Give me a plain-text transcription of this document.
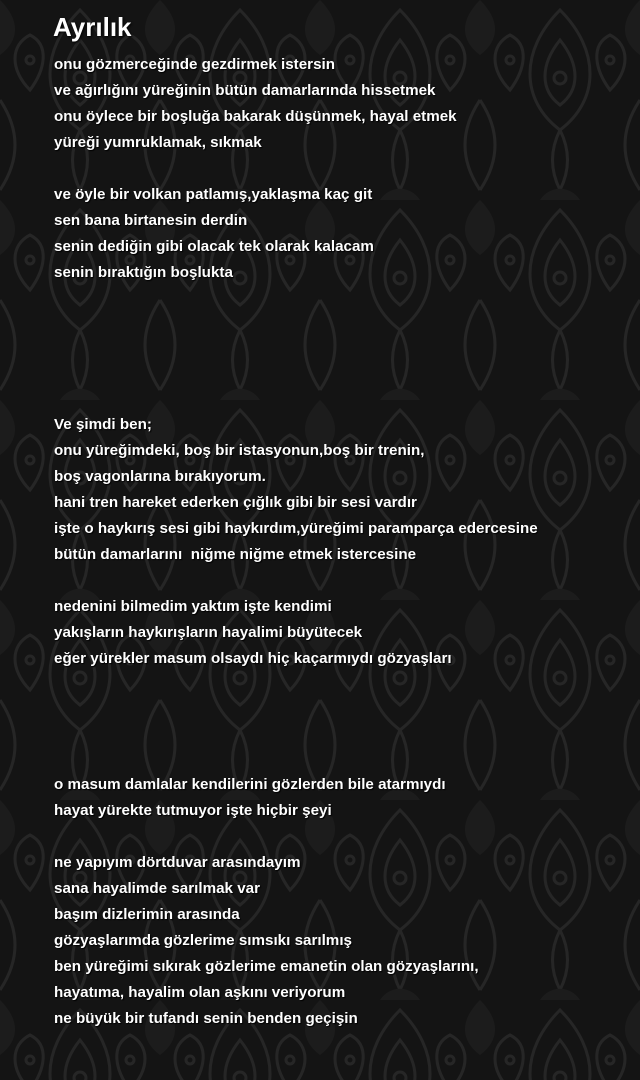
Ayrılık

onu gözmerceğinde gezdirmek istersin

ve ağırlığını yüreğinin bütün damarlarında hissetmek

onu öylece bir boşluğa bakarak düşünmek, hayal etmek

yüreği yumruklamak, sıkmak

ve öyle bir volkan patlamış,yaklaşma kaç git

sen bana birtanesin derdin

senin dediğin gibi olacak tek olarak kalacam

senin bıraktığın boşlukta

Ve şimdi ben;

onu yüreğimdeki, boş bir istasyonun,boş bir trenin,

boş vagonlarına bırakıyorum.

hani tren hareket ederken çığlık gibi bir sesi vardır

işte o haykırış sesi gibi haykırdım,yüreğimi paramparça edercesine

bütün damarlarını  niğme niğme etmek istercesine

nedenini bilmedim yaktım işte kendimi

yakışların haykırışların hayalimi büyütecek

eğer yürekler masum olsaydı hiç kaçarmıydı gözyaşları

o masum damlalar kendilerini gözlerden bile atarmıydı

hayat yürekte tutmuyor işte hiçbir şeyi

ne yapıyım dörtduvar arasındayım

sana hayalimde sarılmak var

başım dizlerimin arasında

gözyaşlarımda gözlerime sımsıkı sarılmış

ben yüreğimi sıkırak gözlerime emanetin olan gözyaşlarını,

hayatıma, hayalim olan aşkını veriyorum

ne büyük bir tufandı senin benden geçişin
